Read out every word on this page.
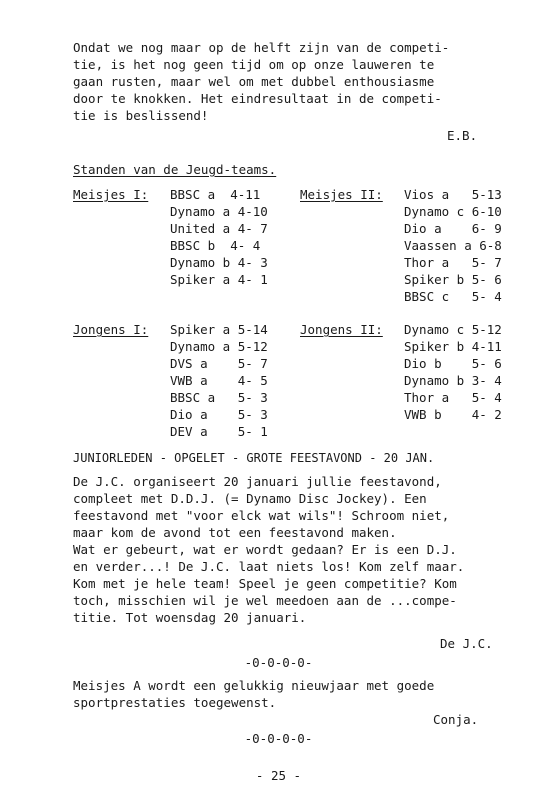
Ondat we nog maar op de helft zijn van de competi-
tie, is het nog geen tijd om op onze lauweren te
gaan rusten, maar wel om met dubbel enthousiasme
door te knokken. Het eindresultaat in de competi-
tie is beslissend!
E.B.
Standen van de Jeugd-teams.
Meisjes I: BBSC a  4-11
Dynamo a 4-10
United a 4- 7
BBSC b  4- 4
Dynamo b 4- 3
Spiker a 4- 1
Meisjes II: Vios a   5-13
Dynamo c 6-10
Dio a    6- 9
Vaassen a 6-8
Thor a   5- 7
Spiker b 5- 6
BBSC c   5- 4
Jongens I: Spiker a 5-14
Dynamo a 5-12
DVS a    5- 7
VWB a    4- 5
BBSC a   5- 3
Dio a    5- 3
DEV a    5- 1
Jongens II: Dynamo c 5-12
Spiker b 4-11
Dio b    5- 6
Dynamo b 3- 4
Thor a   5- 4
VWB b    4- 2
JUNIORLEDEN - OPGELET - GROTE FEESTAVOND - 20 JAN.
De J.C. organiseert 20 januari jullie feestavond,
compleet met D.D.J. (= Dynamo Disc Jockey). Een
feestavond met "voor elck wat wils"! Schroom niet,
maar kom de avond tot een feestavond maken.
Wat er gebeurt, wat er wordt gedaan? Er is een D.J.
en verder...! De J.C. laat niets los! Kom zelf maar.
Kom met je hele team! Speel je geen competitie? Kom
toch, misschien wil je wel meedoen aan de ...compe-
titie. Tot woensdag 20 januari.
De J.C.
-0-0-0-0-
Meisjes A wordt een gelukkig nieuwjaar met goede
sportprestaties toegewenst.
Conja.
-0-0-0-0-
- 25 -
